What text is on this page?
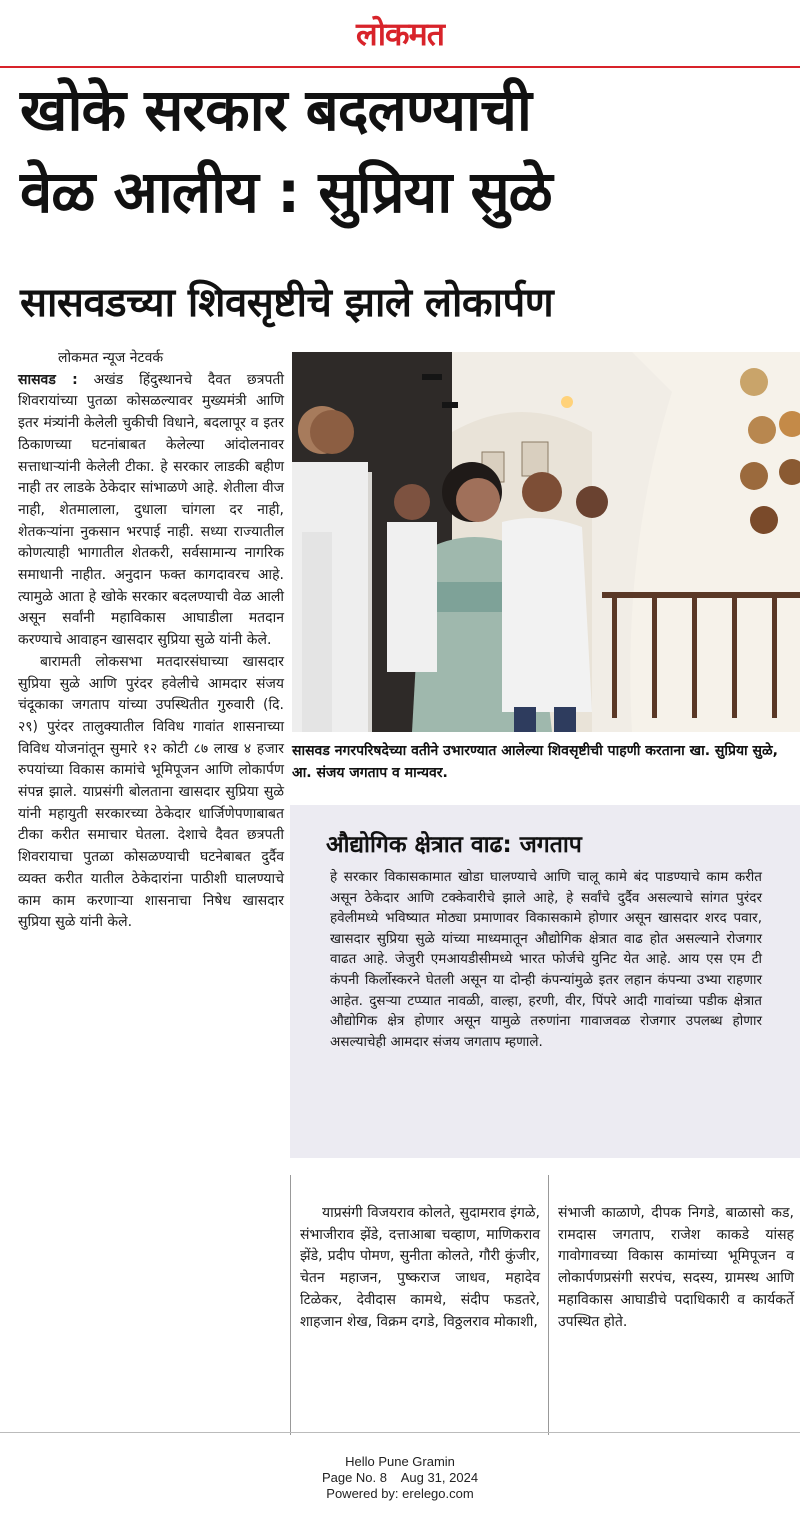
लोकमत
खोके सरकार बदलण्याची
वेळ आलीय : सुप्रिया सुळे
सासवडच्या शिवसृष्टीचे झाले लोकार्पण
लोकमत न्यूज नेटवर्क

सासवड : अखंड हिंदुस्थानचे दैवत छत्रपती शिवरायांच्या पुतळा कोसळल्यावर मुख्यमंत्री आणि इतर मंत्र्यांनी केलेली चुकीची विधाने, बदलापूर व इतर ठिकाणच्या घटनांबाबत केलेल्या आंदोलनावर सत्ताधाऱ्यांनी केलेली टीका. हे सरकार लाडकी बहीण नाही तर लाडके ठेकेदार सांभाळणे आहे. शेतीला वीज नाही, शेतमालाला, दुधाला चांगला दर नाही, शेतकऱ्यांना नुकसान भरपाई नाही. सध्या राज्यातील कोणत्याही भागातील शेतकरी, सर्वसामान्य नागरिक समाधानी नाहीत. अनुदान फक्त कागदावरच आहे. त्यामुळे आता हे खोके सरकार बदलण्याची वेळ आली असून सर्वांनी महाविकास आघाडीला मतदान करण्याचे आवाहन खासदार सुप्रिया सुळे यांनी केले.

बारामती लोकसभा मतदारसंघाच्या खासदार सुप्रिया सुळे आणि पुरंदर हवेलीचे आमदार संजय चंदूकाका जगताप यांच्या उपस्थितीत गुरुवारी (दि. २९) पुरंदर तालुक्यातील विविध गावांत शासनाच्या विविध योजनांतून सुमारे १२ कोटी ८७ लाख ४ हजार रुपयांच्या विकास कामांचे भूमिपूजन आणि लोकार्पण संपन्न झाले. याप्रसंगी बोलताना खासदार सुप्रिया सुळे यांनी महायुती सरकारच्या ठेकेदार धार्जिणेपणाबाबत टीका करीत समाचार घेतला. देशाचे दैवत छत्रपती शिवरायाचा पुतळा कोसळण्याची घटनेबाबत दुर्दैव व्यक्त करीत यातील ठेकेदारांना पाठीशी घालण्याचे काम काम करणाऱ्या शासनाचा निषेध खासदार सुप्रिया सुळे यांनी केले.

सासवड नगरपरिषदेच्या वतीने उभारण्यात आलेल्या शिवसृष्टीची पाहणी करताना खा. सुप्रिया सुळे, आ. संजय जगताप व मान्यवर.
औद्योगिक क्षेत्रात वाढ: जगताप
हे सरकार विकासकामात खोडा घालण्याचे आणि चालू कामे बंद पाडण्याचे काम करीत असून ठेकेदार आणि टक्केवारीचे झाले आहे, हे सर्वांचे दुर्दैव असल्याचे सांगत पुरंदर हवेलीमध्ये भविष्यात मोठ्या प्रमाणावर विकासकामे होणार असून खासदार शरद पवार, खासदार सुप्रिया सुळे यांच्या माध्यमातून औद्योगिक क्षेत्रात वाढ होत असल्याने रोजगार वाढत आहे. जेजुरी एमआयडीसीमध्ये भारत फोर्जचे युनिट येत आहे. आय एस एम टी कंपनी किर्लोस्करने घेतली असून या दोन्ही कंपन्यांमुळे इतर लहान कंपन्या उभ्या राहणार आहेत. दुसऱ्या टप्प्यात नावळी, वाल्हा, हरणी, वीर, पिंपरे आदी गावांच्या पडीक क्षेत्रात औद्योगिक क्षेत्र होणार असून यामुळे तरुणांना गावाजवळ रोजगार उपलब्ध होणार असल्याचेही आमदार संजय जगताप म्हणाले.

याप्रसंगी विजयराव कोलते, सुदामराव इंगळे, संभाजीराव झेंडे, दत्ताआबा चव्हाण, माणिकराव झेंडे, प्रदीप पोमण, सुनीता कोलते, गौरी कुंजीर, चेतन महाजन, पुष्कराज जाधव, महादेव टिळेकर, देवीदास कामथे, संदीप फडतरे, शाहजान शेख, विक्रम दगडे, विठ्ठलराव मोकाशी,

संभाजी काळाणे, दीपक निगडे, बाळासो कड, रामदास जगताप, राजेश काकडे यांसह गावोगावच्या विकास कामांच्या भूमिपूजन व लोकार्पणप्रसंगी सरपंच, सदस्य, ग्रामस्थ आणि महाविकास आघाडीचे पदाधिकारी व कार्यकर्ते उपस्थित होते.

Hello Pune Gramin
Page No. 8    Aug 31, 2024
Powered by: erelego.com
